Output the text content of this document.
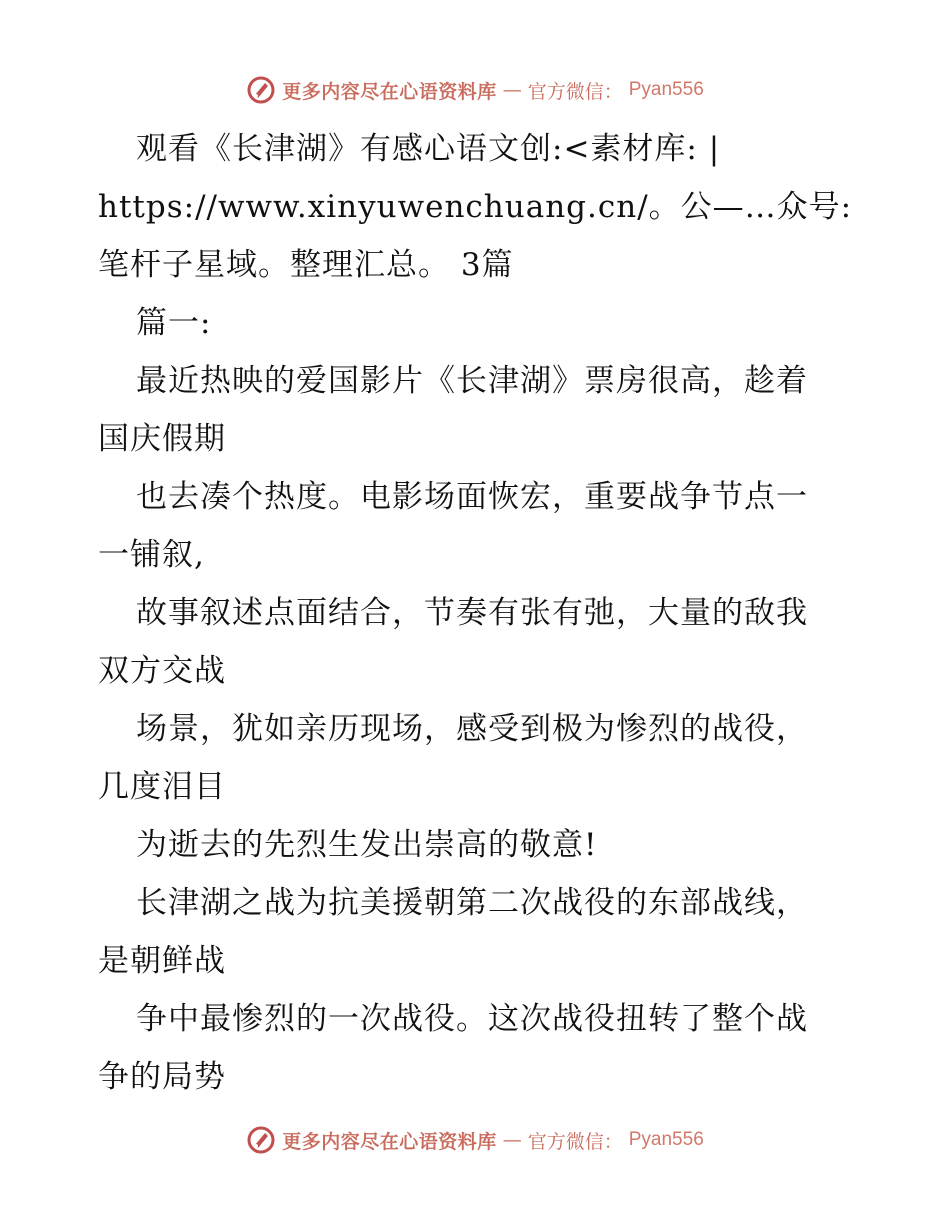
更多内容尽在心语资料库 — 官方微信： Pyan556
观看《长津湖》有感心语文创:<素材库: |
https://www.xinyuwenchuang.cn/。公—…众号:
笔杆子星域。整理汇总。 3篇
篇一:
最近热映的爱国影片《长津湖》票房很高，趁着
国庆假期
也去凑个热度。电影场面恢宏，重要战争节点一
一铺叙,
故事叙述点面结合，节奏有张有弛，大量的敌我
双方交战
场景，犹如亲历现场，感受到极为惨烈的战役，
几度泪目
为逝去的先烈生发出崇高的敬意!
长津湖之战为抗美援朝第二次战役的东部战线，
是朝鲜战
争中最惨烈的一次战役。这次战役扭转了整个战
争的局势
更多内容尽在心语资料库 — 官方微信： Pyan556
